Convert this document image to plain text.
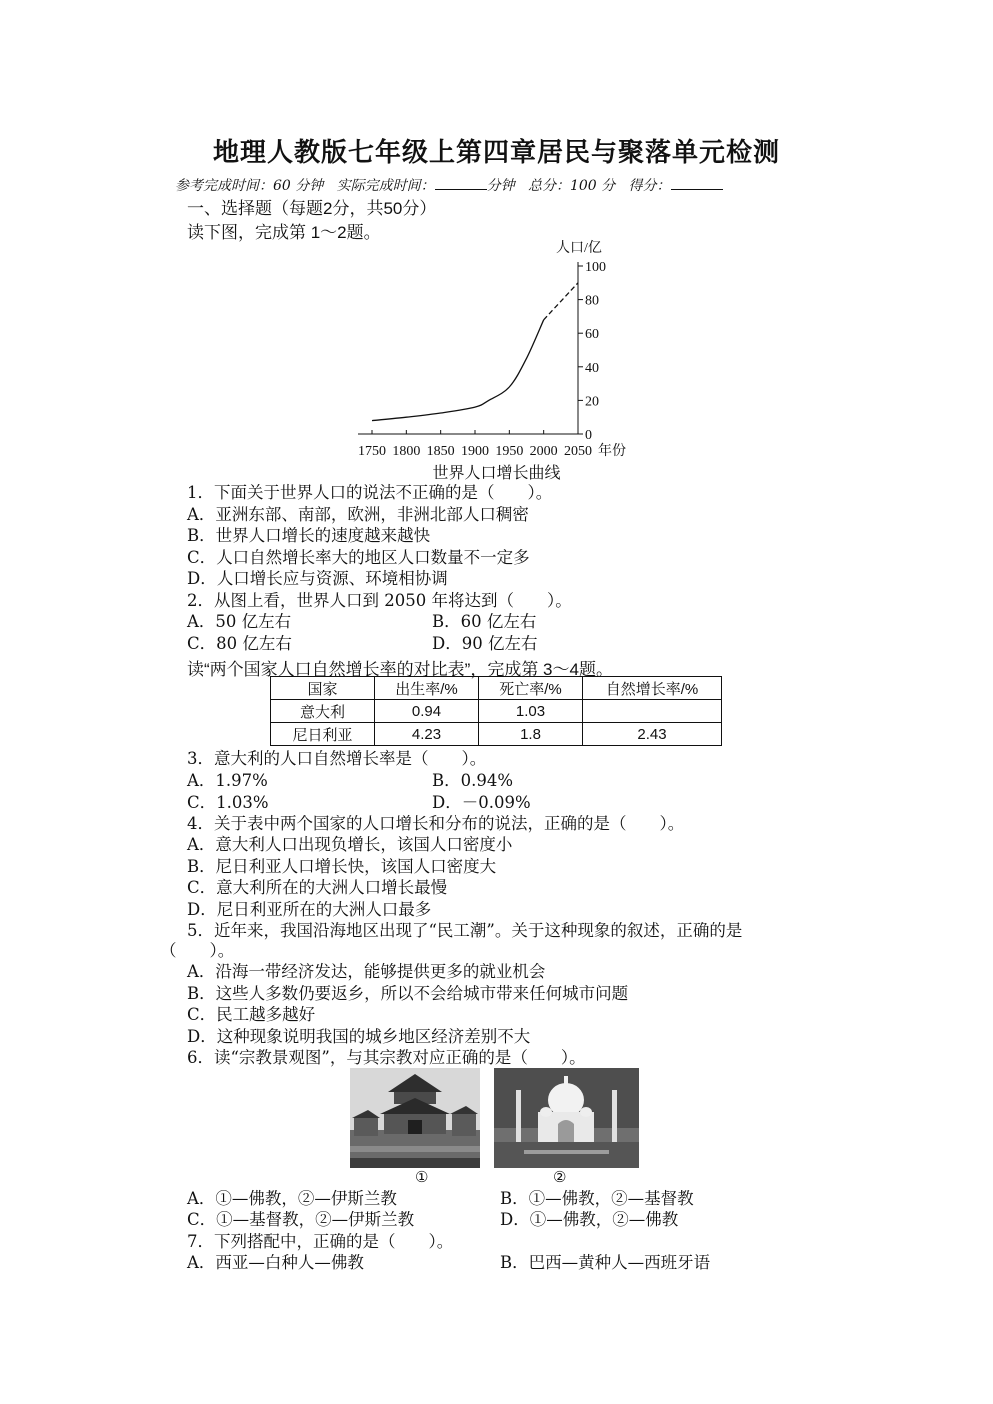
地理人教版七年级上第四章居民与聚落单元检测
参考完成时间：60 分钟 实际完成时间：	分钟 总分：100 分 得分：
一、选择题（每题2分，共50分）
读下图，完成第 1～2题。
0
20
40
60
80
100
1750 1800 1850 1900 1950 2000 2050
人口/亿
年份
世界人口增长曲线
1．下面关于世界人口的说法不正确的是（　　）。
A．亚洲东部、南部，欧洲，非洲北部人口稠密
B．世界人口增长的速度越来越快
C．人口自然增长率大的地区人口数量不一定多
D．人口增长应与资源、环境相协调
2．从图上看，世界人口到 2050 年将达到（　　）。
A．50 亿左右	B．60 亿左右
C．80 亿左右	D．90 亿左右
读“两个国家人口自然增长率的对比表”，完成第 3～4题。
国家	出生率/%	死亡率/%	自然增长率/%
意大利	0.94	1.03	
尼日利亚	4.23	1.8	2.43
3．意大利的人口自然增长率是（　　）。
A．1.97%	B．0.94%
C．1.03%	D．－0.09%
4．关于表中两个国家的人口增长和分布的说法，正确的是（　　）。
A．意大利人口出现负增长，该国人口密度小
B．尼日利亚人口增长快，该国人口密度大
C．意大利所在的大洲人口增长最慢
D．尼日利亚所在的大洲人口最多
5．近年来，我国沿海地区出现了“民工潮”。关于这种现象的叙述，正确的是
（　　）。
A．沿海一带经济发达，能够提供更多的就业机会
B．这些人多数仍要返乡，所以不会给城市带来任何城市问题
C．民工越多越好
D．这种现象说明我国的城乡地区经济差别不大
6．读“宗教景观图”，与其宗教对应正确的是（　　）。
①	②
A．①—佛教，②—伊斯兰教	B．①—佛教，②—基督教
C．①—基督教，②—伊斯兰教	D．①—佛教，②—佛教
7．下列搭配中，正确的是（　　）。
A．西亚—白种人—佛教	B．巴西—黄种人—西班牙语
